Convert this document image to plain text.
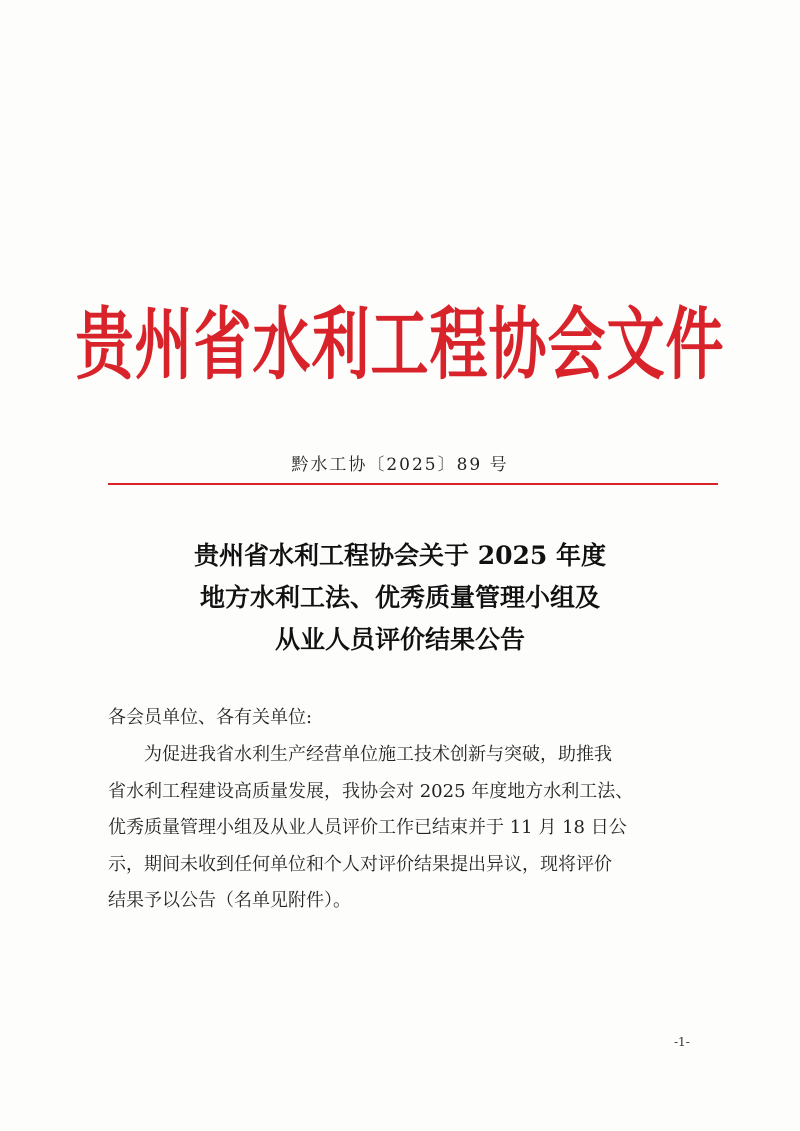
贵州省水利工程协会文件
黔水工协〔2025〕89 号
贵州省水利工程协会关于 2025 年度
地方水利工法、优秀质量管理小组及
从业人员评价结果公告
各会员单位、各有关单位:
为促进我省水利生产经营单位施工技术创新与突破，助推我
省水利工程建设高质量发展，我协会对 2025 年度地方水利工法、
优秀质量管理小组及从业人员评价工作已结束并于 11 月 18 日公
示，期间未收到任何单位和个人对评价结果提出异议，现将评价
结果予以公告（名单见附件）。
-1-
